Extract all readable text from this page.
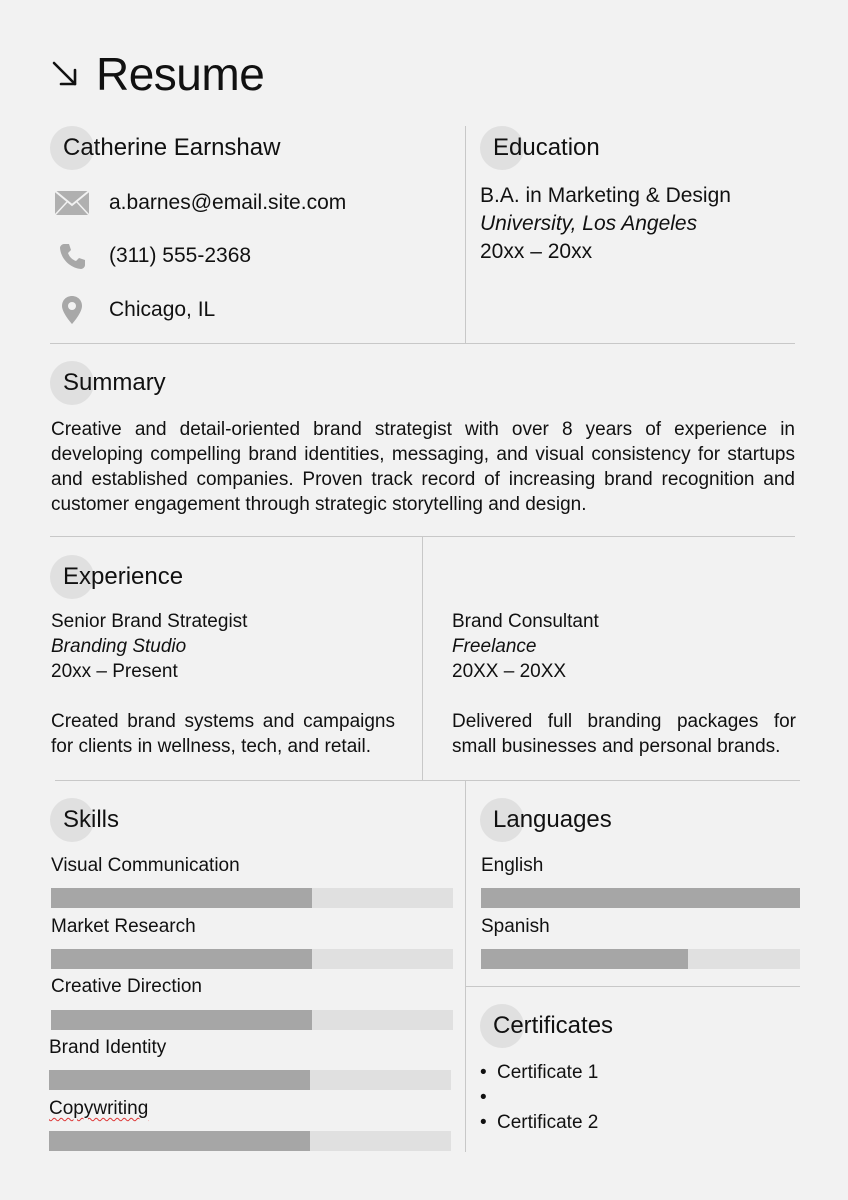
Resume
Catherine Earnshaw
a.barnes@email.site.com
(311) 555-2368
Chicago, IL
Education
B.A. in Marketing & Design
University, Los Angeles
20xx – 20xx
Summary
Creative and detail-oriented brand strategist with over 8 years of experience in developing compelling brand identities, messaging, and visual consistency for startups and established companies. Proven track record of increasing brand recognition and customer engagement through strategic storytelling and design.
Experience
Senior Brand Strategist
Branding Studio
20xx – Present
Created brand systems and campaigns for clients in wellness, tech, and retail.
Brand Consultant
Freelance
20XX – 20XX
Delivered full branding packages for small businesses and personal brands.
Skills
Visual Communication
Market Research
Creative Direction
Brand Identity
Copywriting
Languages
English
Spanish
Certificates
• Certificate 1
•
• Certificate 2
